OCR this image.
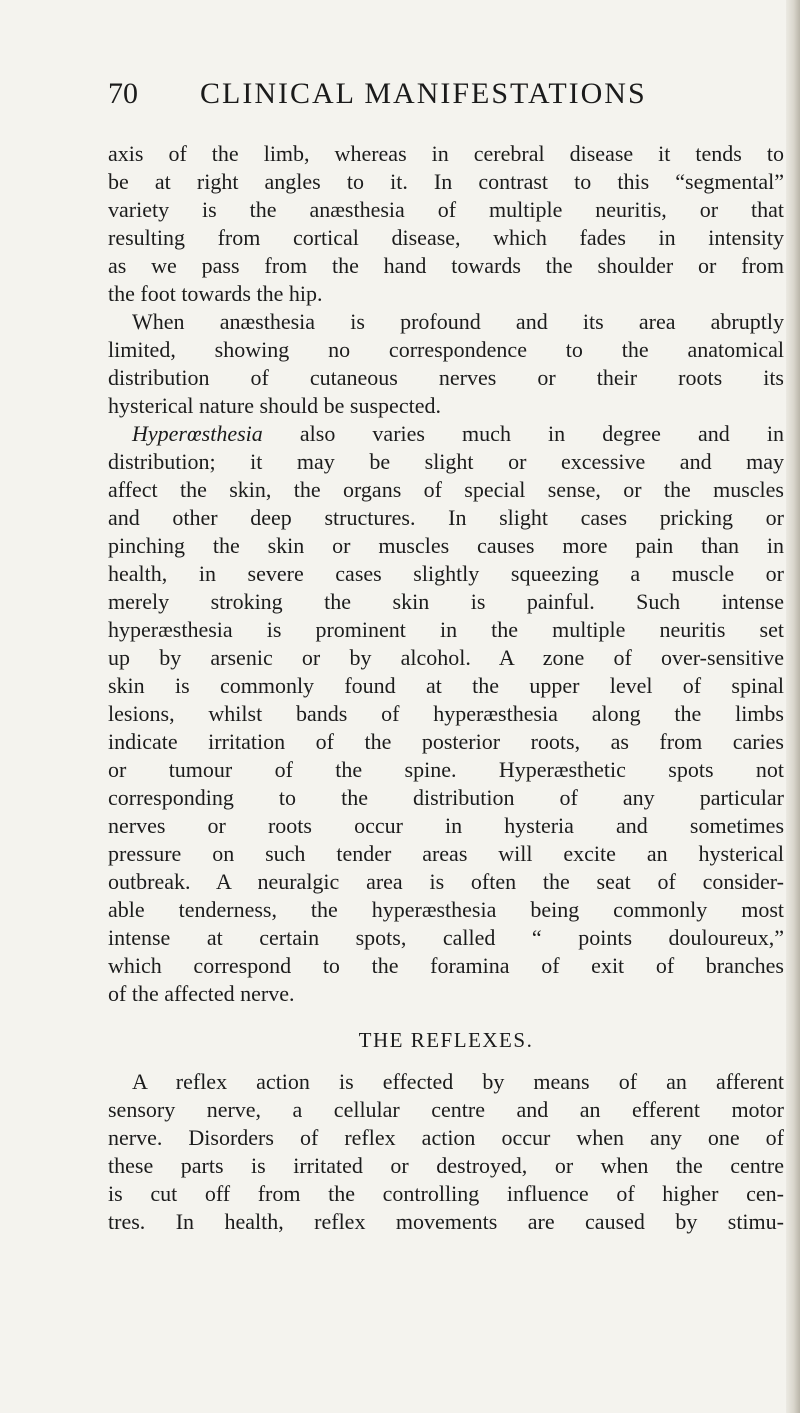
70 CLINICAL MANIFESTATIONS
axis of the limb, whereas in cerebral disease it tends to
be at right angles to it. In contrast to this “segmental”
variety is the anæsthesia of multiple neuritis, or that
resulting from cortical disease, which fades in intensity
as we pass from the hand towards the shoulder or from
the foot towards the hip.
When anæsthesia is profound and its area abruptly
limited, showing no correspondence to the anatomical
distribution of cutaneous nerves or their roots its
hysterical nature should be suspected.
Hyperœsthesia also varies much in degree and in
distribution; it may be slight or excessive and may
affect the skin, the organs of special sense, or the muscles
and other deep structures. In slight cases pricking or
pinching the skin or muscles causes more pain than in
health, in severe cases slightly squeezing a muscle or
merely stroking the skin is painful. Such intense
hyperæsthesia is prominent in the multiple neuritis set
up by arsenic or by alcohol. A zone of over-sensitive
skin is commonly found at the upper level of spinal
lesions, whilst bands of hyperæsthesia along the limbs
indicate irritation of the posterior roots, as from caries
or tumour of the spine. Hyperæsthetic spots not
corresponding to the distribution of any particular
nerves or roots occur in hysteria and sometimes
pressure on such tender areas will excite an hysterical
outbreak. A neuralgic area is often the seat of consider-
able tenderness, the hyperæsthesia being commonly most
intense at certain spots, called “ points douloureux,”
which correspond to the foramina of exit of branches
of the affected nerve.
THE REFLEXES.
A reflex action is effected by means of an afferent
sensory nerve, a cellular centre and an efferent motor
nerve. Disorders of reflex action occur when any one of
these parts is irritated or destroyed, or when the centre
is cut off from the controlling influence of higher cen-
tres. In health, reflex movements are caused by stimu-
